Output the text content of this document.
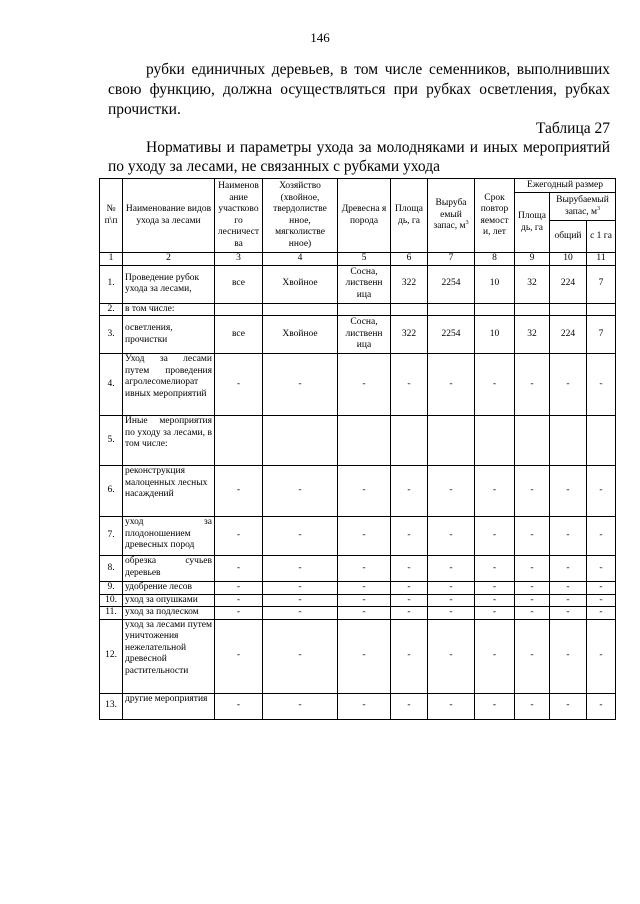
146
рубки единичных деревьев, в том числе семенников, выполнивших свою функцию, должна осуществляться при рубках осветления, рубках прочистки.
Таблица 27
Нормативы и параметры ухода за молодняками и иных мероприятий по уходу за лесами, не связанных с рубками ухода
№ п\п	Наименование видов ухода за лесами	Наименов ание участково го лесничест ва	Хозяйство (хвойное, твердолистве нное, мягколистве нное)	Древесна я порода	Площа дь, га	Выруба емый запас, $м^3$	Срок повтор яемост и, лет	Ежегодный размер		
								Площа дь, га	Вырубаемый запас, $м^3$
									общий	с 1 га
1	2	3	4	5	6	7	8	9	10	11
1.	Проведение рубок ухода за лесами,	все	Хвойное	Сосна, лиственн ица	322	2254	10	32	224	7
2.	в том числе:									
3.	осветления, прочистки	все	Хвойное	Сосна, лиственн ица	322	2254	10	32	224	7
4.	Уход за лесами путем проведения агролесомелиорат ивных мероприятий	-	-	-	-	-	-	-	-	-
5.	Иные мероприятия по уходу за лесами, в том числе:									
6.	реконструкция малоценных лесных насаждений	-	-	-	-	-	-	-	-	-
7.	уход за плодоношением древесных пород	-	-	-	-	-	-	-	-	-
8.	обрезка сучьев деревьев	-	-	-	-	-	-	-	-	-
9.	удобрение лесов	-	-	-	-	-	-	-	-	-
10.	уход за опушками	-	-	-	-	-	-	-	-	-
11.	уход за подлеском	-	-	-	-	-	-	-	-	-
12.	уход за лесами путем уничтожения нежелательной древесной растительности	-	-	-	-	-	-	-	-	-
13.	другие мероприятия	-	-	-	-	-	-	-	-	-
